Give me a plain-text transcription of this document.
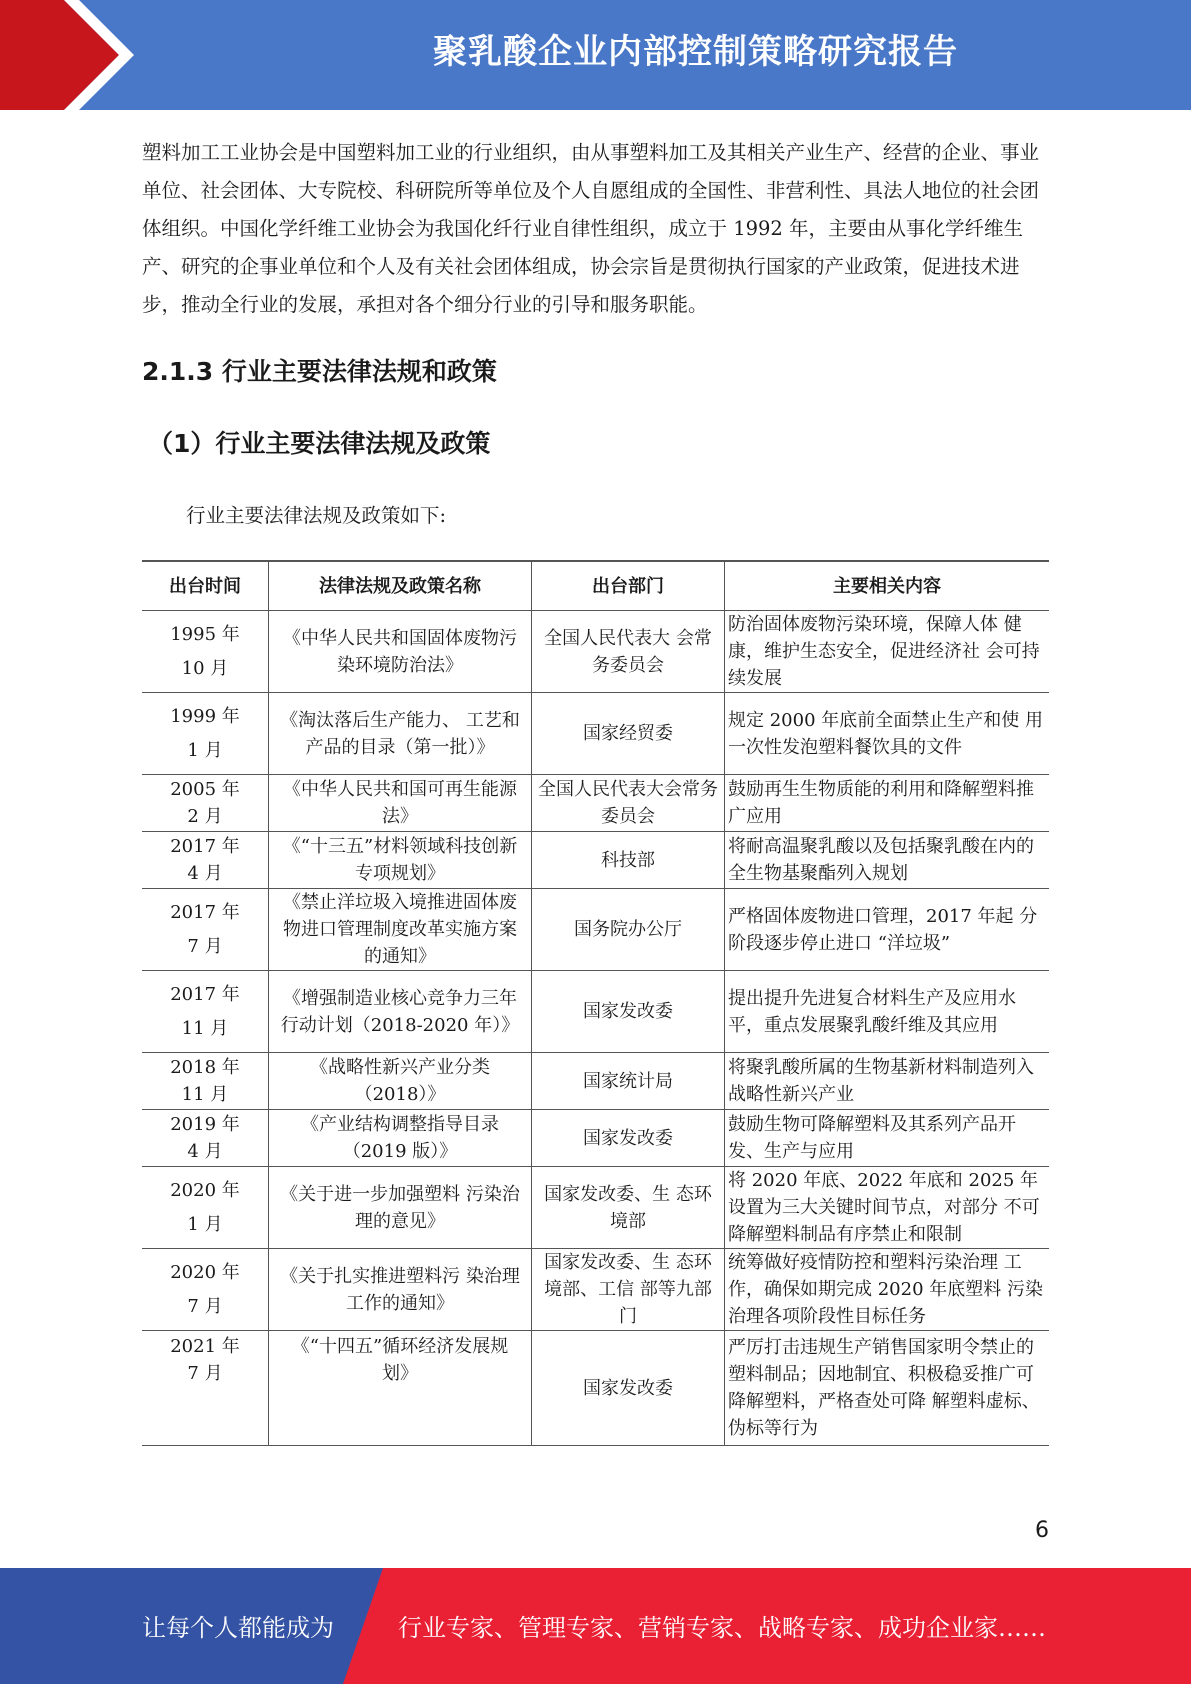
聚乳酸企业内部控制策略研究报告

塑料加工工业协会是中国塑料加工业的行业组织，由从事塑料加工及其相关产业生产、经营的企业、事业单位、社会团体、大专院校、科研院所等单位及个人自愿组成的全国性、非营利性、具法人地位的社会团体组织。中国化学纤维工业协会为我国化纤行业自律性组织，成立于 1992 年，主要由从事化学纤维生产、研究的企事业单位和个人及有关社会团体组成，协会宗旨是贯彻执行国家的产业政策，促进技术进步，推动全行业的发展，承担对各个细分行业的引导和服务职能。

2.1.3 行业主要法律法规和政策
（1）行业主要法律法规及政策

行业主要法律法规及政策如下:

出台时间	法律法规及政策名称	出台部门	主要相关内容
1995 年
10 月	《中华人民共和国固体废物污染环境防治法》	全国人民代表大 会常务委员会	防治固体废物污染环境，保障人体 健康，维护生态安全，促进经济社 会可持续发展
1999 年
1 月	《淘汰落后生产能力、 工艺和产品的目录（第一批）》	国家经贸委	规定 2000 年底前全面禁止生产和使 用一次性发泡塑料餐饮具的文件
2005 年
2 月	《中华人民共和国可再生能源法》	全国人民代表大会常务委员会	鼓励再生生物质能的利用和降解塑料推广应用
2017 年
4 月	《“十三五”材料领域科技创新专项规划》	科技部	将耐高温聚乳酸以及包括聚乳酸在内的全生物基聚酯列入规划
2017 年
7 月	《禁止洋垃圾入境推进固体废物进口管理制度改革实施方案的通知》	国务院办公厅	严格固体废物进口管理，2017 年起 分阶段逐步停止进口 “洋垃圾”
2017 年
11 月	《增强制造业核心竞争力三年行动计划（2018-2020 年）》	国家发改委	提出提升先进复合材料生产及应用水平，重点发展聚乳酸纤维及其应用
2018 年
11 月	《战略性新兴产业分类（2018）》	国家统计局	将聚乳酸所属的生物基新材料制造列入战略性新兴产业
2019 年
4 月	《产业结构调整指导目录（2019 版）》	国家发改委	鼓励生物可降解塑料及其系列产品开发、生产与应用
2020 年
1 月	《关于进一步加强塑料 污染治理的意见》	国家发改委、生 态环境部	将 2020 年底、2022 年底和 2025 年 设置为三大关键时间节点，对部分 不可降解塑料制品有序禁止和限制
2020 年
7 月	《关于扎实推进塑料污 染治理工作的通知》	国家发改委、生 态环境部、工信 部等九部门	统筹做好疫情防控和塑料污染治理 工作，确保如期完成 2020 年底塑料 污染治理各项阶段性目标任务
2021 年
7 月	《“十四五”循环经济发展规划》	国家发改委	严厉打击违规生产销售国家明令禁止的塑料制品；因地制宜、积极稳妥推广可降解塑料，严格查处可降 解塑料虚标、伪标等行为
6
让每个人都能成为	行业专家、管理专家、营销专家、战略专家、成功企业家……
